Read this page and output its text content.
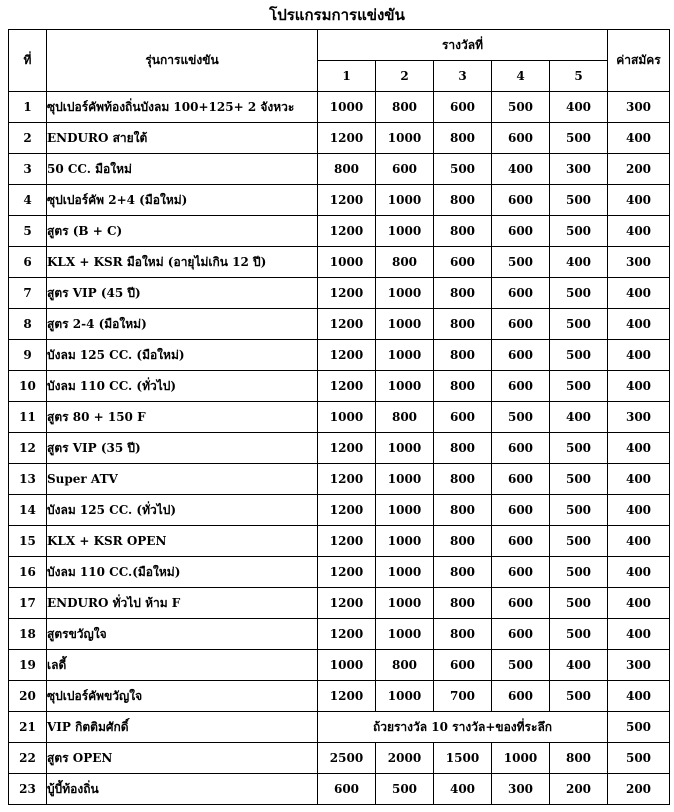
โปรแกรมการแข่งขัน
ที่	รุ่นการแข่งขัน	รางวัลที่					ค่าสมัคร
		1	2	3	4	5	
1	ซุปเปอร์คัพท้องถิ่นบังลม 100+125+ 2 จังหวะ	1000	800	600	500	400	300
2	ENDURO สายใต้	1200	1000	800	600	500	400
3	50 CC. มือใหม่	800	600	500	400	300	200
4	ซุปเปอร์คัพ 2+4 (มือใหม่)	1200	1000	800	600	500	400
5	สูตร (B + C)	1200	1000	800	600	500	400
6	KLX + KSR มือใหม่ (อายุไม่เกิน 12 ปี)	1000	800	600	500	400	300
7	สูตร VIP (45 ปี)	1200	1000	800	600	500	400
8	สูตร 2-4 (มือใหม่)	1200	1000	800	600	500	400
9	บังลม 125 CC. (มือใหม่)	1200	1000	800	600	500	400
10	บังลม 110 CC. (ทั่วไป)	1200	1000	800	600	500	400
11	สูตร 80 + 150 F	1000	800	600	500	400	300
12	สูตร VIP (35 ปี)	1200	1000	800	600	500	400
13	Super ATV	1200	1000	800	600	500	400
14	บังลม 125 CC. (ทั่วไป)	1200	1000	800	600	500	400
15	KLX + KSR OPEN	1200	1000	800	600	500	400
16	บังลม 110 CC.(มือใหม่)	1200	1000	800	600	500	400
17	ENDURO ทั่วไป ห้าม F	1200	1000	800	600	500	400
18	สูตรขวัญใจ	1200	1000	800	600	500	400
19	เลดี้	1000	800	600	500	400	300
20	ซุปเปอร์คัพขวัญใจ	1200	1000	700	600	500	400
21	VIP กิตติมศักดิ์	ถ้วยรางวัล 10 รางวัล+ของที่ระลึก					500
22	สูตร OPEN	2500	2000	1500	1000	800	500
23	บู้บี้ท้องถิ่น	600	500	400	300	200	200
